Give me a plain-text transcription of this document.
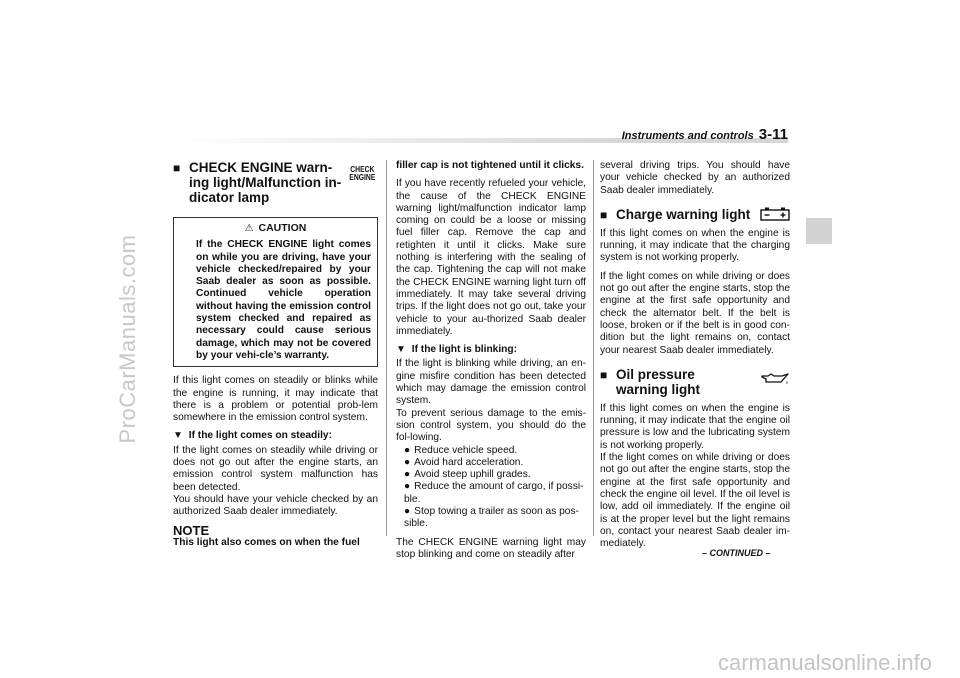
ProCarManuals.com
carmanualsonline.info
Instruments and controls 3-11
■ CHECK ENGINE warn-ing light/Malfunction in-dicator lamp
CHECK
ENGINE
⚠ CAUTION
If the CHECK ENGINE light comes on while you are driving, have your vehicle checked/repaired by your Saab dealer as soon as possible. Continued vehicle operation without having the emission control system checked and repaired as necessary could cause serious damage, which may not be covered by your vehi-cle’s warranty.

If this light comes on steadily or blinks while the engine is running, it may indicate that there is a problem or potential prob-lem somewhere in the emission control system.

▼ If the light comes on steadily:

If the light comes on steadily while driving or does not go out after the engine starts, an emission control system malfunction has been detected.

You should have your vehicle checked by an authorized Saab dealer immediately.

NOTE
This light also comes on when the fuel

filler cap is not tightened until it clicks.

If you have recently refueled your vehicle, the cause of the CHECK ENGINE warning light/malfunction indicator lamp coming on could be a loose or missing fuel filler cap. Remove the cap and retighten it until it clicks. Make sure nothing is interfering with the sealing of the cap. Tightening the cap will not make the CHECK ENGINE warning light turn off immediately. It may take several driving trips. If the light does not go out, take your vehicle to your au-thorized Saab dealer immediately.

▼ If the light is blinking:

If the light is blinking while driving, an en-gine misfire condition has been detected which may damage the emission control system.

To prevent serious damage to the emis-sion control system, you should do the fol-lowing.

● Reduce vehicle speed.
● Avoid hard acceleration.
● Avoid steep uphill grades.
● Reduce the amount of cargo, if possi-ble.
● Stop towing a trailer as soon as pos-sible.

The CHECK ENGINE warning light may stop blinking and come on steadily after

several driving trips. You should have your vehicle checked by an authorized Saab dealer immediately.

■ Charge warning light

If this light comes on when the engine is running, it may indicate that the charging system is not working properly.

If the light comes on while driving or does not go out after the engine starts, stop the engine at the first safe opportunity and check the alternator belt. If the belt is loose, broken or if the belt is in good con-dition but the light remains on, contact your nearest Saab dealer immediately.

■ Oil pressure warning light

If this light comes on when the engine is running, it may indicate that the engine oil pressure is low and the lubricating system is not working properly.

If the light comes on while driving or does not go out after the engine starts, stop the engine at the first safe opportunity and check the engine oil level. If the oil level is low, add oil immediately. If the engine oil is at the proper level but the light remains on, contact your nearest Saab dealer im-mediately.

– CONTINUED –
